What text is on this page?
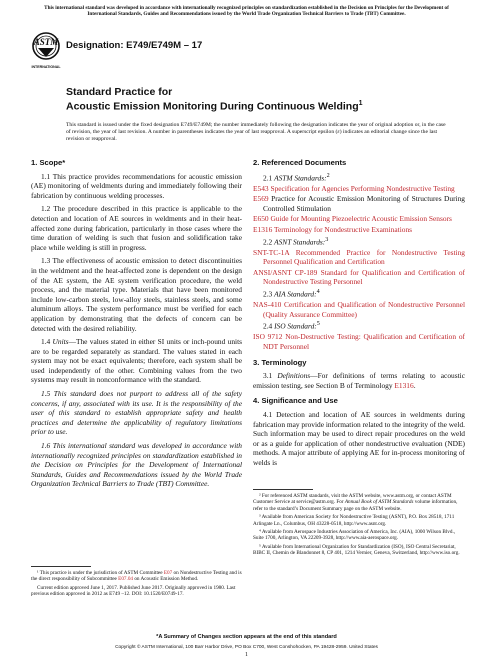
This international standard was developed in accordance with internationally recognized principles on standardization established in the Decision on Principles for the Development of International Standards, Guides and Recommendations issued by the World Trade Organization Technical Barriers to Trade (TBT) Committee.
ASTM
INTERNATIONAL
Designation: E749/E749M – 17
Standard Practice for
Acoustic Emission Monitoring During Continuous Welding$^1$
This standard is issued under the fixed designation E749/E749M; the number immediately following the designation indicates the year of original adoption or, in the case of revision, the year of last revision. A number in parentheses indicates the year of last reapproval. A superscript epsilon (ε) indicates an editorial change since the last revision or reapproval.
1. Scope*
1.1 This practice provides recommendations for acoustic emission (AE) monitoring of weldments during and immediately following their fabrication by continuous welding processes.
1.2 The procedure described in this practice is applicable to the detection and location of AE sources in weldments and in their heat-affected zone during fabrication, particularly in those cases where the time duration of welding is such that fusion and solidification take place while welding is still in progress.
1.3 The effectiveness of acoustic emission to detect discontinuities in the weldment and the heat-affected zone is dependent on the design of the AE system, the AE system verification procedure, the weld process, and the material type. Materials that have been monitored include low-carbon steels, low-alloy steels, stainless steels, and some aluminum alloys. The system performance must be verified for each application by demonstrating that the defects of concern can be detected with the desired reliability.
1.4 Units—The values stated in either SI units or inch-pound units are to be regarded separately as standard. The values stated in each system may not be exact equivalents; therefore, each system shall be used independently of the other. Combining values from the two systems may result in nonconformance with the standard.
1.5 This standard does not purport to address all of the safety concerns, if any, associated with its use. It is the responsibility of the user of this standard to establish appropriate safety and health practices and determine the applicability of regulatory limitations prior to use.
1.6 This international standard was developed in accordance with internationally recognized principles on standardization established in the Decision on Principles for the Development of International Standards, Guides and Recommendations issued by the World Trade Organization Technical Barriers to Trade (TBT) Committee.
2. Referenced Documents
2.1 ASTM Standards:$^2$
E543 Specification for Agencies Performing Nondestructive Testing
E569 Practice for Acoustic Emission Monitoring of Structures During Controlled Stimulation
E650 Guide for Mounting Piezoelectric Acoustic Emission Sensors
E1316 Terminology for Nondestructive Examinations
2.2 ASNT Standards:$^3$
SNT-TC-1A Recommended Practice for Nondestructive Testing Personnel Qualification and Certification
ANSI/ASNT CP-189 Standard for Qualification and Certification of Nondestructive Testing Personnel
2.3 AIA Standard:$^4$
NAS-410 Certification and Qualification of Nondestructive Personnel (Quality Assurance Committee)
2.4 ISO Standard:$^5$
ISO 9712 Non-Destructive Testing: Qualification and Certification of NDT Personnel
3. Terminology
3.1 Definitions—For definitions of terms relating to acoustic emission testing, see Section B of Terminology E1316.
4. Significance and Use
4.1 Detection and location of AE sources in weldments during fabrication may provide information related to the integrity of the weld. Such information may be used to direct repair procedures on the weld or as a guide for application of other nondestructive evaluation (NDE) methods. A major attribute of applying AE for in-process monitoring of welds is

¹ This practice is under the jurisdiction of ASTM Committee E07 on Nondestructive Testing and is the direct responsibility of Subcommittee E07.04 on Acoustic Emission Method.

Current edition approved June 1, 2017. Published June 2017. Originally approved in 1980. Last previous edition approved in 2012 as E749 –12. DOI: 10.1520/E0749-17.

² For referenced ASTM standards, visit the ASTM website, www.astm.org, or contact ASTM Customer Service at service@astm.org. For Annual Book of ASTM Standards volume information, refer to the standard’s Document Summary page on the ASTM website.

³ Available from American Society for Nondestructive Testing (ASNT), P.O. Box 28518, 1711 Arlingate Ln., Columbus, OH 43228-0518, http://www.asnt.org.

⁴ Available from Aerospace Industries Association of America, Inc. (AIA), 1000 Wilson Blvd., Suite 1700, Arlington, VA 22209-3928, http://www.aia-aerospace.org.

⁵ Available from International Organization for Standardization (ISO), ISO Central Secretariat, BIBC II, Chemin de Blandonnet 8, CP 401, 1214 Vernier, Geneva, Switzerland, http://www.iso.org.

*A Summary of Changes section appears at the end of this standard
Copyright © ASTM International, 100 Barr Harbor Drive, PO Box C700, West Conshohocken, PA 19428-2959. United States
1
